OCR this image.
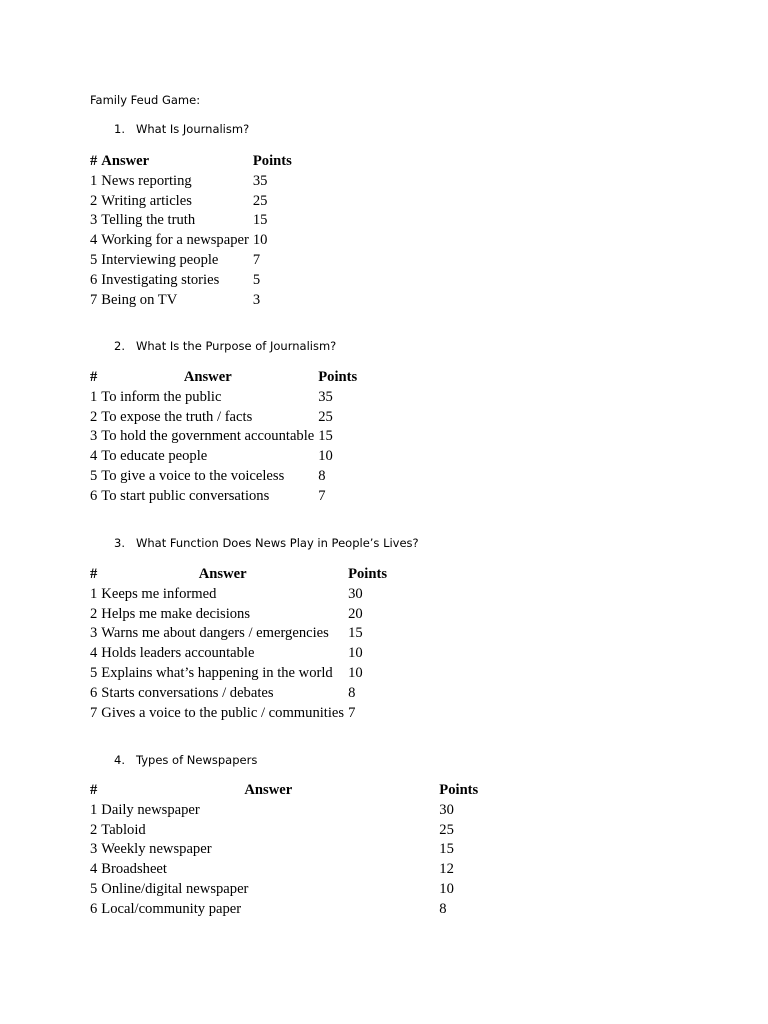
Family Feud Game:
1. What Is Journalism?
#	Answer	Points
1	News reporting	35
2	Writing articles	25
3	Telling the truth	15
4	Working for a newspaper	10
5	Interviewing people	7
6	Investigating stories	5
7	Being on TV	3
2. What Is the Purpose of Journalism?
#	Answer	Points
1	To inform the public	35
2	To expose the truth / facts	25
3	To hold the government accountable	15
4	To educate people	10
5	To give a voice to the voiceless	8
6	To start public conversations	7
3. What Function Does News Play in People’s Lives?
#	Answer	Points
1	Keeps me informed	30
2	Helps me make decisions	20
3	Warns me about dangers / emergencies	15
4	Holds leaders accountable	10
5	Explains what’s happening in the world	10
6	Starts conversations / debates	8
7	Gives a voice to the public / communities	7
4. Types of Newspapers
#	Answer	Points
1	Daily newspaper	30
2	Tabloid	25
3	Weekly newspaper	15
4	Broadsheet	12
5	Online/digital newspaper	10
6	Local/community paper	8
